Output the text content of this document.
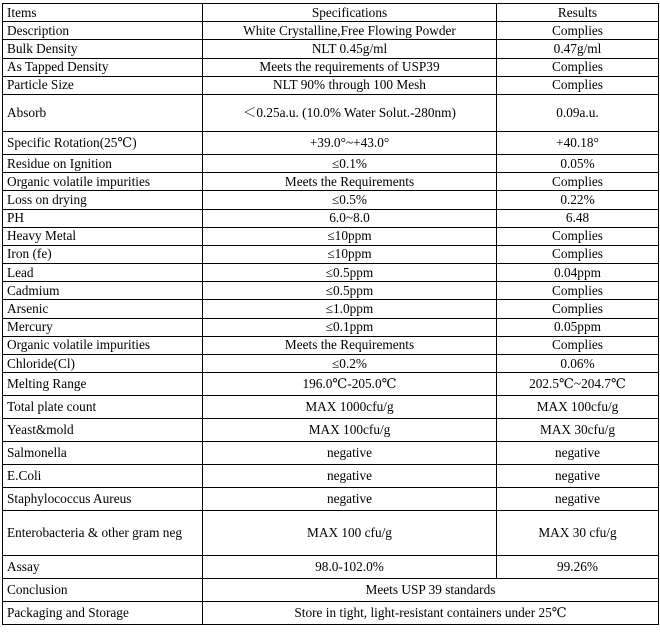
Items	Specifications	Results
Description	White Crystalline,Free Flowing Powder	Complies
Bulk Density	NLT 0.45g/ml	0.47g/ml
As Tapped Density	Meets the requirements of USP39	Complies
Particle Size	NLT 90% through 100 Mesh	Complies
Absorb	＜0.25a.u. (10.0% Water Solut.-280nm)	0.09a.u.
Specific Rotation(25℃)	+39.0°~+43.0°	+40.18°
Residue on Ignition	≤0.1%	0.05%
Organic volatile impurities	Meets the Requirements	Complies
Loss on drying	≤0.5%	0.22%
PH	6.0~8.0	6.48
Heavy Metal	≤10ppm	Complies
Iron (fe)	≤10ppm	Complies
Lead	≤0.5ppm	0.04ppm
Cadmium	≤0.5ppm	Complies
Arsenic	≤1.0ppm	Complies
Mercury	≤0.1ppm	0.05ppm
Organic volatile impurities	Meets the Requirements	Complies
Chloride(Cl)	≤0.2%	0.06%
Melting Range	196.0℃-205.0℃	202.5℃~204.7℃
Total plate count	MAX 1000cfu/g	MAX 100cfu/g
Yeast&mold	MAX 100cfu/g	MAX 30cfu/g
Salmonella	negative	negative
E.Coli	negative	negative
Staphylococcus Aureus	negative	negative
Enterobacteria & other gram neg	MAX 100 cfu/g	MAX 30 cfu/g
Assay	98.0-102.0%	99.26%
Conclusion	Meets USP 39 standards	
Packaging and Storage	Store in tight, light-resistant containers under 25℃	
